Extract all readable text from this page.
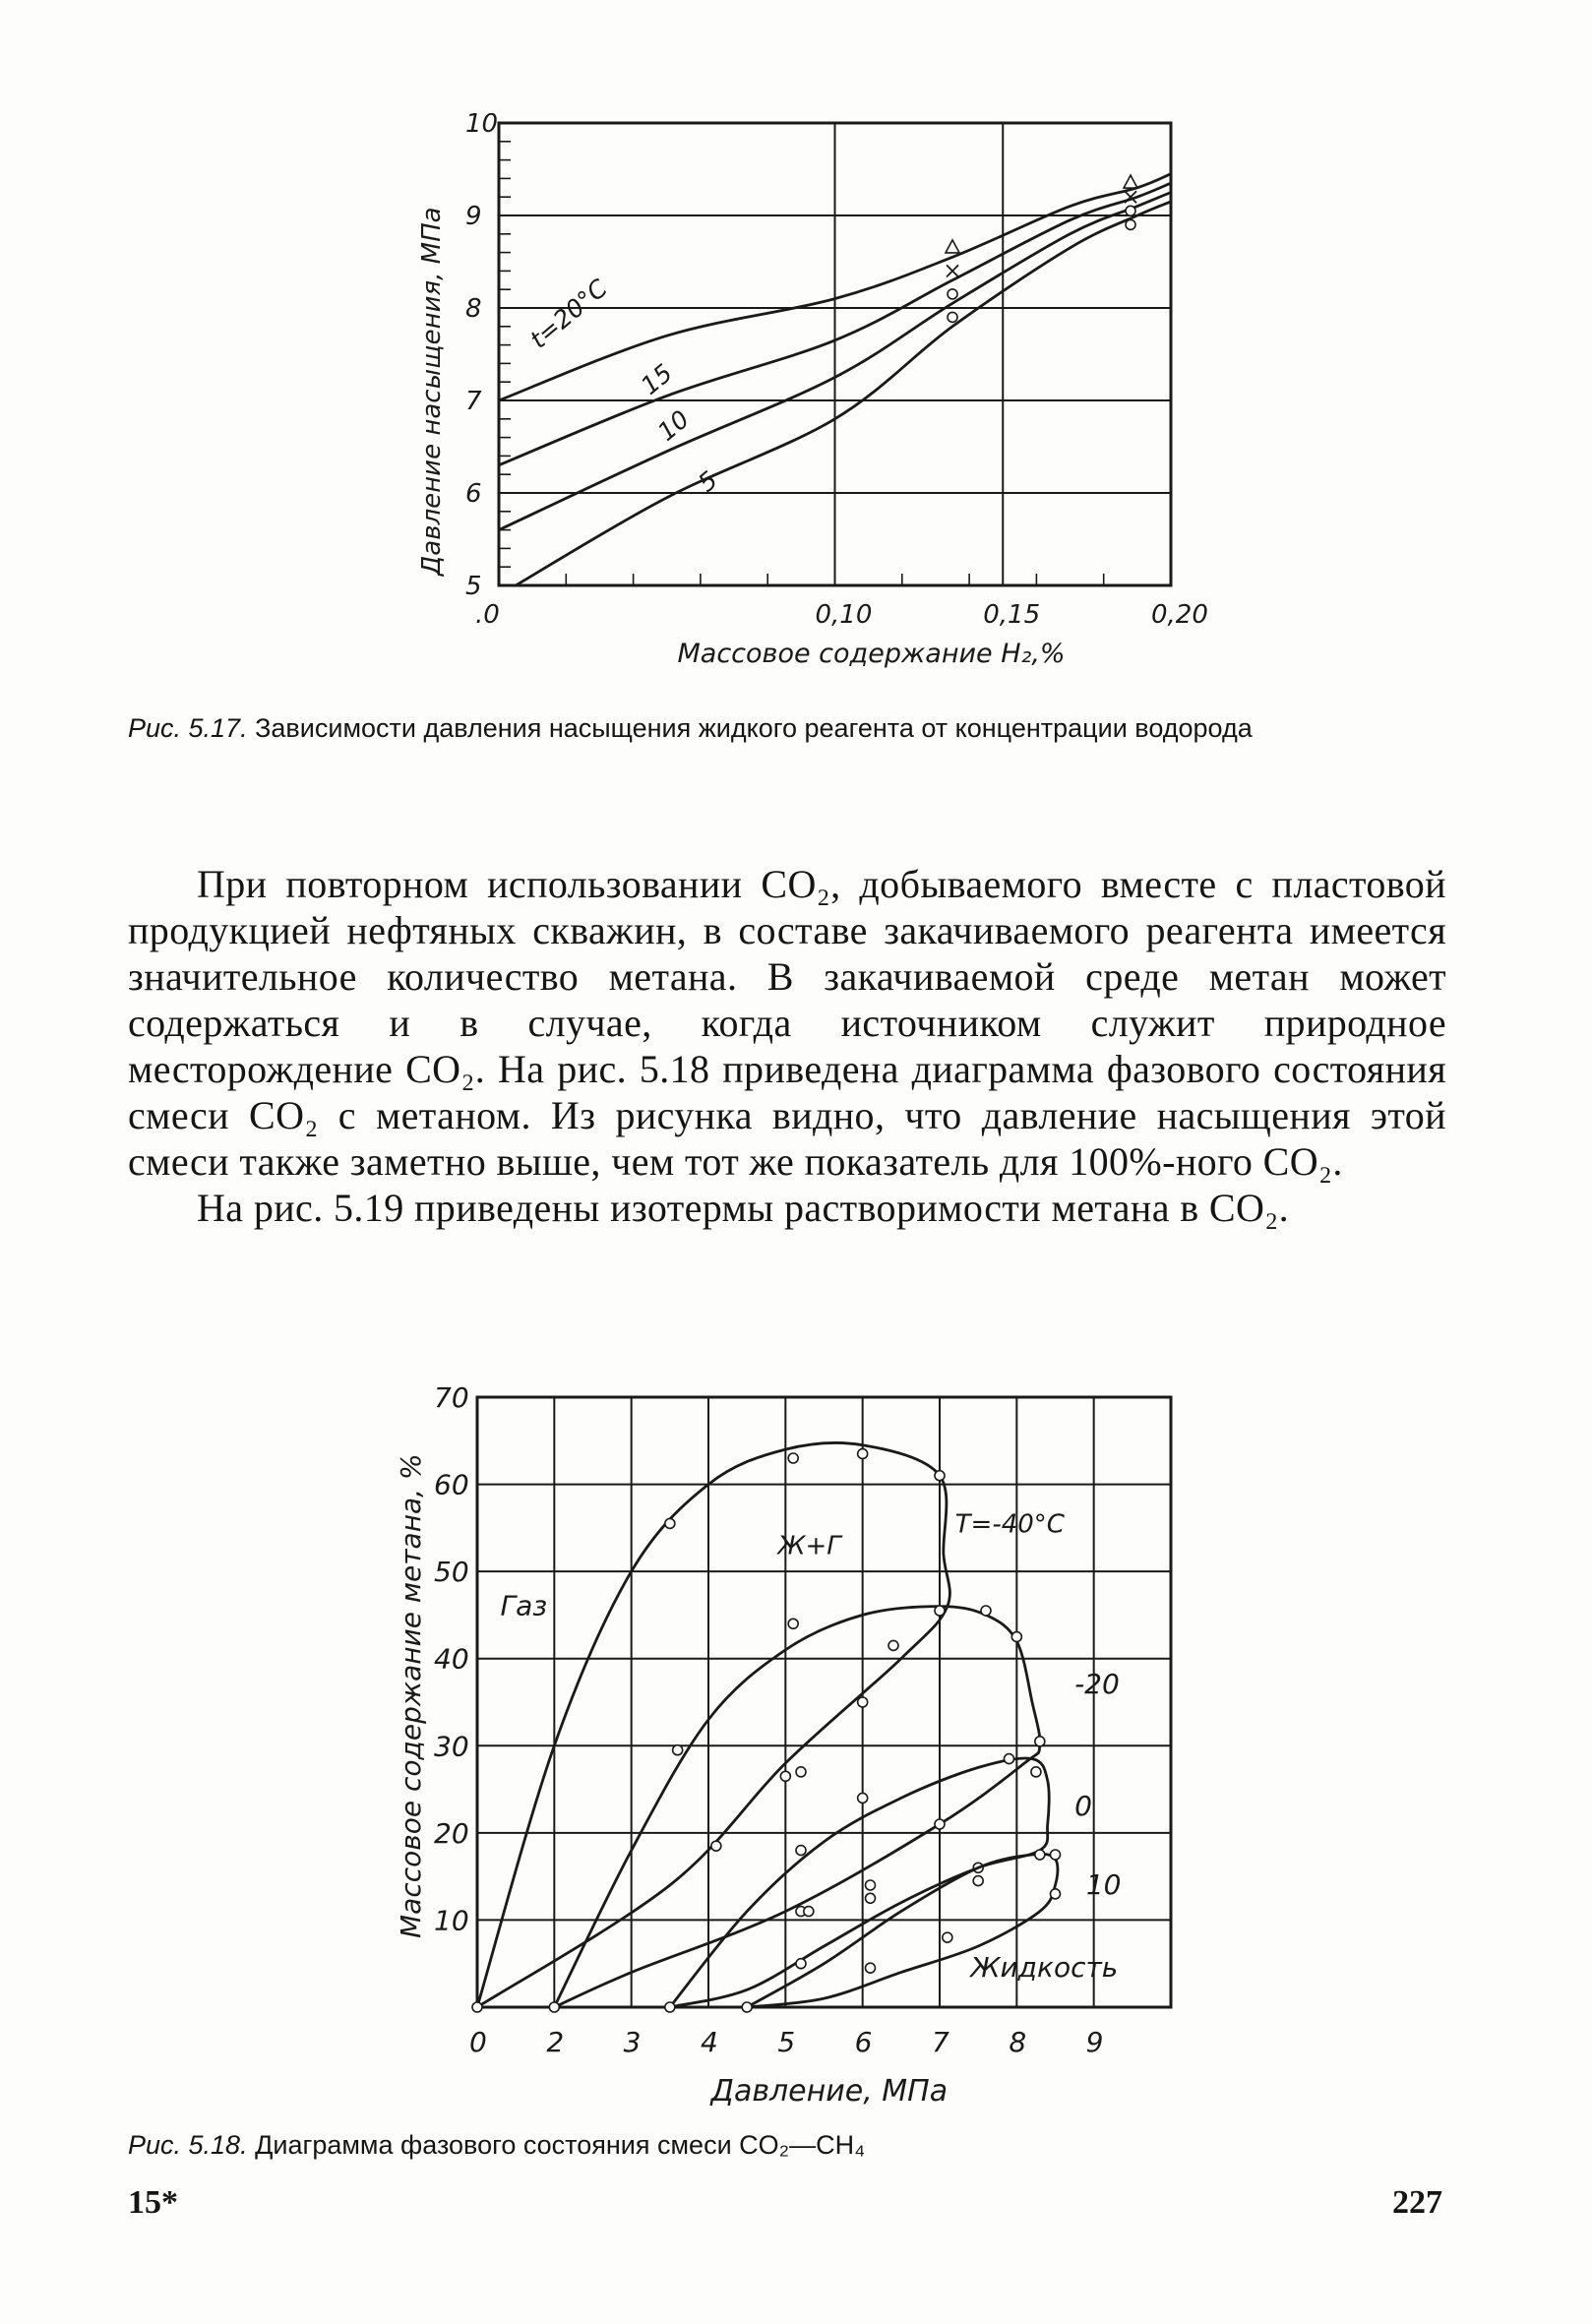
5
6
7
8
9
10
.0	0,10	0,15	0,20
Массовое содержание H₂,%
Давление насыщения, МПа	t=20°C
15
10
5
Рис. 5.17. Зависимости давления насыщения жидкого реагента от концентрации водорода

При повторном использовании CO₂, добываемого вместе с пластовой продукцией нефтяных скважин, в составе закачиваемого реагента имеется значительное количество метана. В закачиваемой среде метан может содержаться и в случае, когда источником служит природное месторождение CO₂. На рис. 5.18 приведена диаграмма фазового состояния смеси CO₂ с метаном. Из рисунка видно, что давление насыщения этой смеси также заметно выше, чем тот же показатель для 100%-ного CO₂.

На рис. 5.19 приведены изотермы растворимости метана в CO₂.

0 2 3 4 5 6 7 8 9
10
20
30
40
50
60
70
Давление, МПа
Массовое содержание метана, %	Газ
Ж+Г
Жидкость
T=-40°C
-20
0
10
Рис. 5.18. Диаграмма фазового состояния смеси CO₂—CH₄
15*	227
